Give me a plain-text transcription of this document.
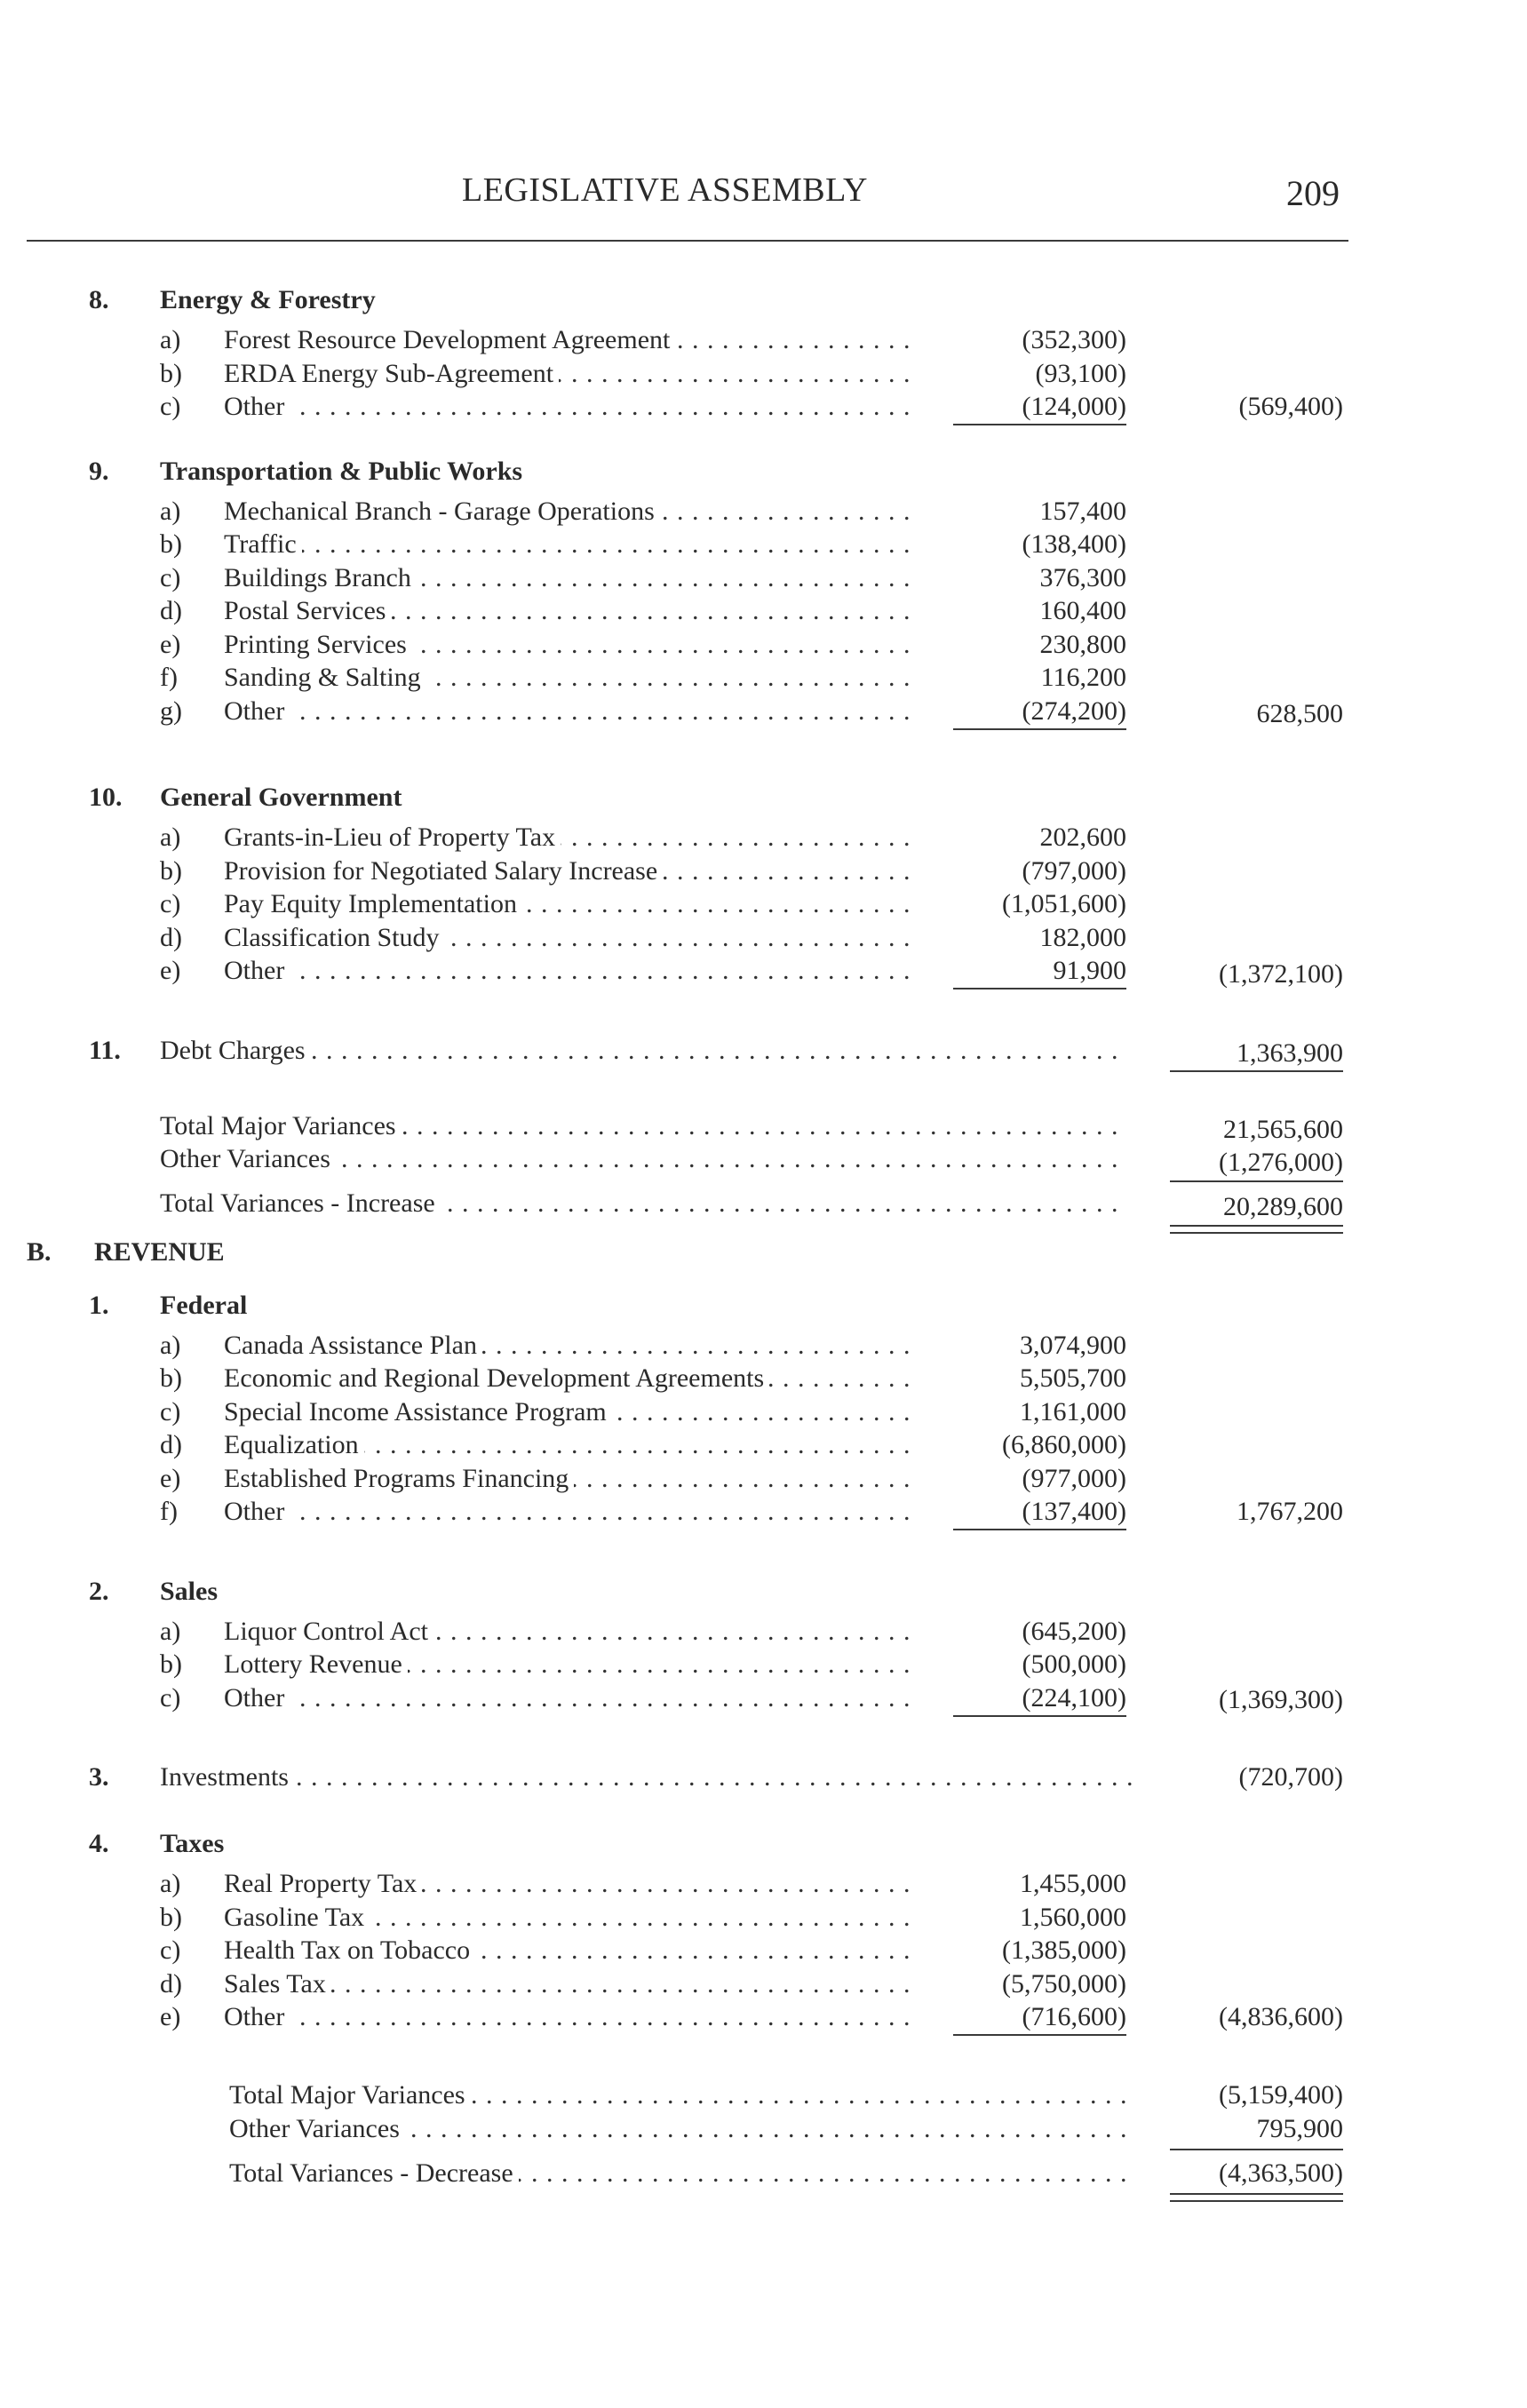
LEGISLATIVE ASSEMBLY	209
8. Energy & Forestry
a)	Forest Resource Development Agreement . . .	(352,300)
b)	ERDA Energy Sub-Agreement . . .	(93,100)
c)	Other . . .	(124,000)	(569,400)
9. Transportation & Public Works
a)	Mechanical Branch - Garage Operations . . .	157,400
b)	Traffic . . .	(138,400)
c)	Buildings Branch . . .	376,300
d)	Postal Services . . .	160,400
e)	Printing Services . . .	230,800
f)	Sanding & Salting . . .	116,200
g)	Other . . .	(274,200)	628,500
10. General Government
a)	Grants-in-Lieu of Property Tax . . .	202,600
b)	Provision for Negotiated Salary Increase . . .	(797,000)
c)	Pay Equity Implementation . . .	(1,051,600)
d)	Classification Study . . .	182,000
e)	Other . . .	91,900	(1,372,100)
11. Debt Charges . . .	1,363,900
Total Major Variances . . .	21,565,600
Other Variances . . .	(1,276,000)
Total Variances - Increase . . .	20,289,600
B. REVENUE
1. Federal
a)	Canada Assistance Plan . . .	3,074,900
b)	Economic and Regional Development Agreements . . .	5,505,700
c)	Special Income Assistance Program . . .	1,161,000
d)	Equalization . . .	(6,860,000)
e)	Established Programs Financing . . .	(977,000)
f)	Other . . .	(137,400)	1,767,200
2. Sales
a)	Liquor Control Act . . .	(645,200)
b)	Lottery Revenue . . .	(500,000)
c)	Other . . .	(224,100)	(1,369,300)
3. Investments . . .	(720,700)
4. Taxes
a)	Real Property Tax . . .	1,455,000
b)	Gasoline Tax . . .	1,560,000
c)	Health Tax on Tobacco . . .	(1,385,000)
d)	Sales Tax . . .	(5,750,000)
e)	Other . . .	(716,600)	(4,836,600)
Total Major Variances . . .	(5,159,400)
Other Variances . . .	795,900
Total Variances - Decrease . . .	(4,363,500)
